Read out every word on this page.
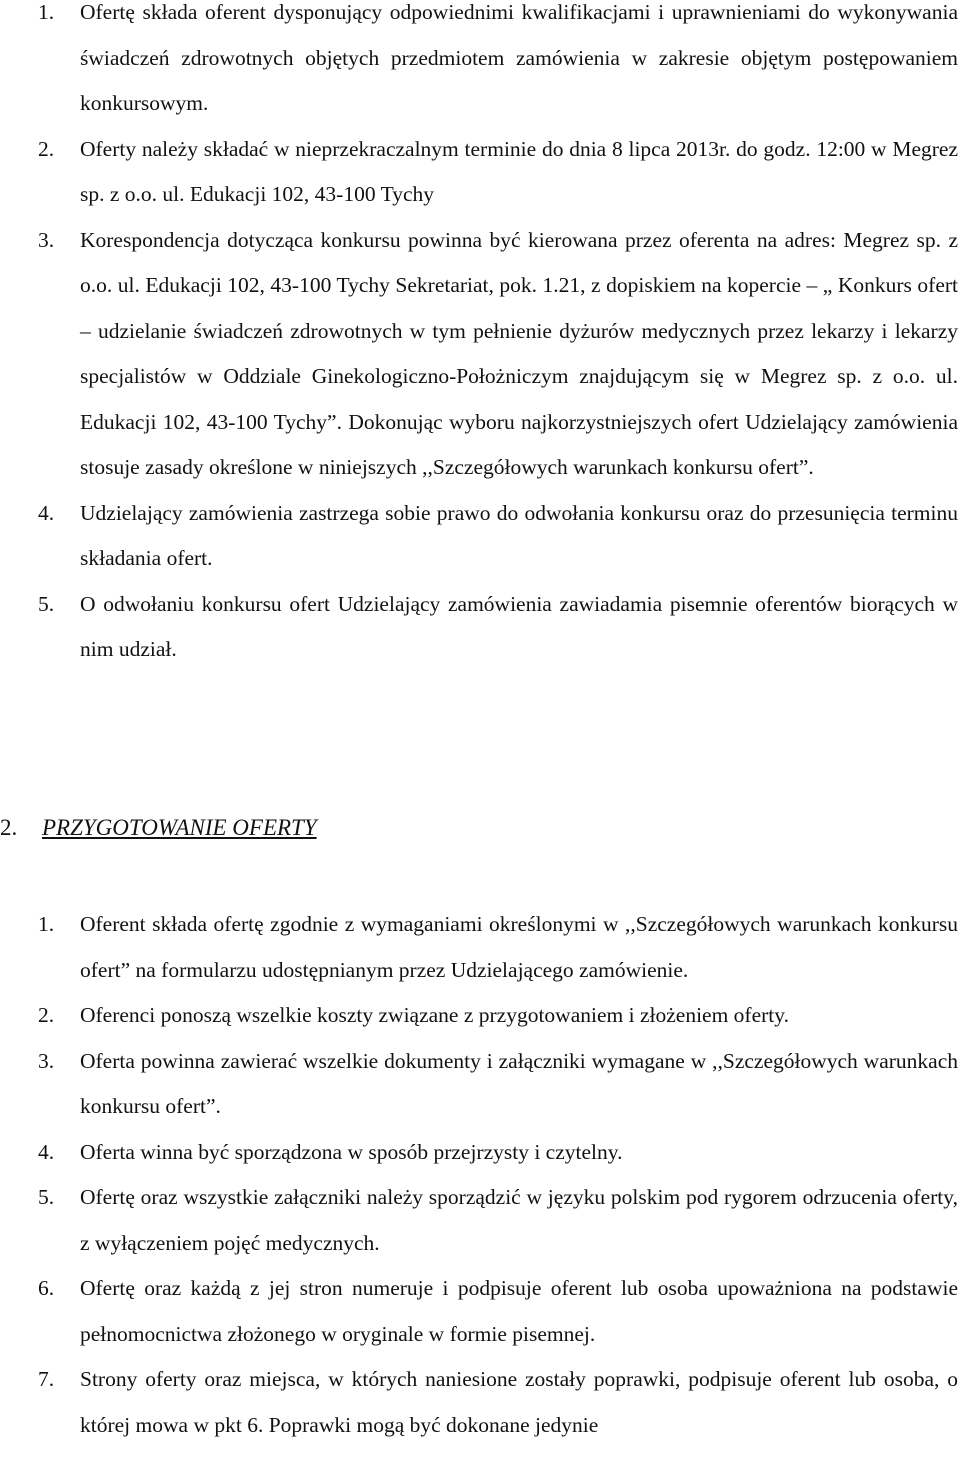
1. Ofertę składa oferent dysponujący odpowiednimi kwalifikacjami i uprawnieniami do wykonywania świadczeń zdrowotnych objętych przedmiotem zamówienia w zakresie objętym postępowaniem konkursowym.
2. Oferty należy składać w nieprzekraczalnym terminie do dnia 8 lipca 2013r. do godz. 12:00 w Megrez sp. z o.o. ul. Edukacji 102, 43-100 Tychy
3. Korespondencja dotycząca konkursu powinna być kierowana przez oferenta na adres: Megrez sp. z o.o. ul. Edukacji 102, 43-100 Tychy Sekretariat, pok. 1.21, z dopiskiem na kopercie – „ Konkurs ofert – udzielanie świadczeń zdrowotnych w tym pełnienie dyżurów medycznych przez lekarzy i lekarzy specjalistów w Oddziale Ginekologiczno-Położniczym znajdującym się w Megrez sp. z o.o. ul. Edukacji 102, 43-100 Tychy”. Dokonując wyboru najkorzystniejszych ofert Udzielający zamówienia stosuje zasady określone w niniejszych ,,Szczegółowych warunkach konkursu ofert”.
4. Udzielający zamówienia zastrzega sobie prawo do odwołania konkursu oraz do przesunięcia terminu składania ofert.
5. O odwołaniu konkursu ofert Udzielający zamówienia zawiadamia pisemnie oferentów biorących w nim udział.
2. PRZYGOTOWANIE OFERTY
1. Oferent składa ofertę zgodnie z wymaganiami określonymi w ,,Szczegółowych warunkach konkursu ofert” na formularzu udostępnianym przez Udzielającego zamówienie.
2. Oferenci ponoszą wszelkie koszty związane z przygotowaniem i złożeniem oferty.
3. Oferta powinna zawierać wszelkie dokumenty i załączniki wymagane w ,,Szczegółowych warunkach konkursu ofert”.
4. Oferta winna być sporządzona w sposób przejrzysty i czytelny.
5. Ofertę oraz wszystkie załączniki należy sporządzić w języku polskim pod rygorem odrzucenia oferty, z wyłączeniem pojęć medycznych.
6. Ofertę oraz każdą z jej stron numeruje i podpisuje oferent lub osoba upoważniona na podstawie pełnomocnictwa złożonego w oryginale w formie pisemnej.
7. Strony oferty oraz miejsca, w których naniesione zostały poprawki, podpisuje oferent lub osoba, o której mowa w pkt 6. Poprawki mogą być dokonane jedynie
